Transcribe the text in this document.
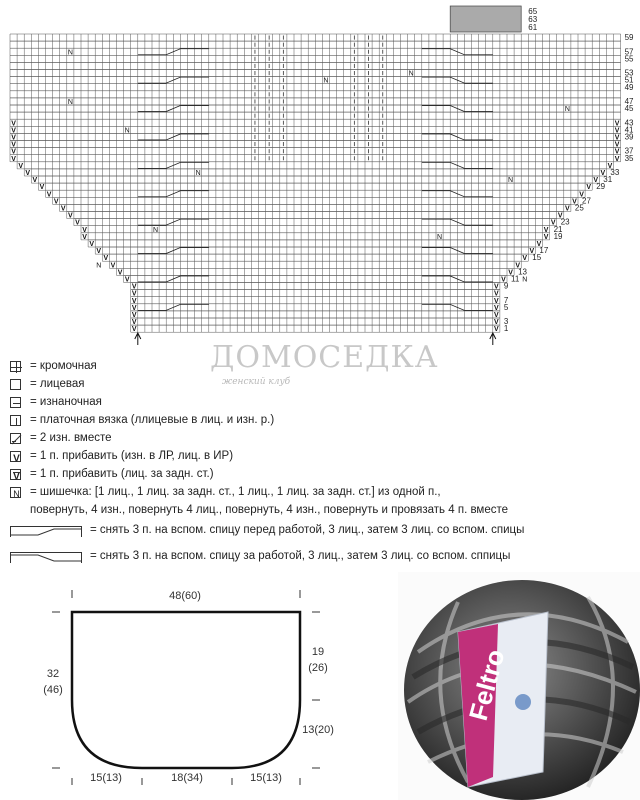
V	V
V	V
V	V
V	V
V	V
V	V
V	V
V	V
V	V
V	V
V	V
V	V
V	V
V	V
V	V
V	V
V	V
V	V
V	V
V	V
V	V
V	V
V	V
V	V
V	V
V	V
V	V
V	V
V	V
V	V
N
N
N
N
N
N
N
N
N
N
N
N
1
3
5
7
9
11
13
15
17
19
21
23
25
27
29
31
33
35
37
39
41
43
45
47
49
51
53
55
57
59
61
63
65
ДОМОСЕДКА
женский клуб
= кромочная
= лицевая
= изнаночная
= платочная вязка (ллицевые в лиц. и изн. р.)
= 2 изн. вместе
V = 1 п. прибавить (изн. в ЛР, лиц. в ИР)
V = 1 п. прибавить (лиц. за задн. ст.)
N = шишечка: [1 лиц., 1 лиц. за задн. ст., 1 лиц., 1 лиц. за задн. ст.] из одной п.,
повернуть, 4 изн., повернуть 4 лиц., повернуть, 4 изн., повернуть и провязать 4 п. вместе
= снять 3 п. на вспом. спицу перед работой, 3 лиц., затем 3 лиц. со вспом. спицы
= снять 3 п. на вспом. спицу за работой, 3 лиц., затем 3 лиц. со вспом. сппицы
48(60)
32
(46)
19
(26)
13(20)
15(13)	18(34)	15(13)
Feltro
